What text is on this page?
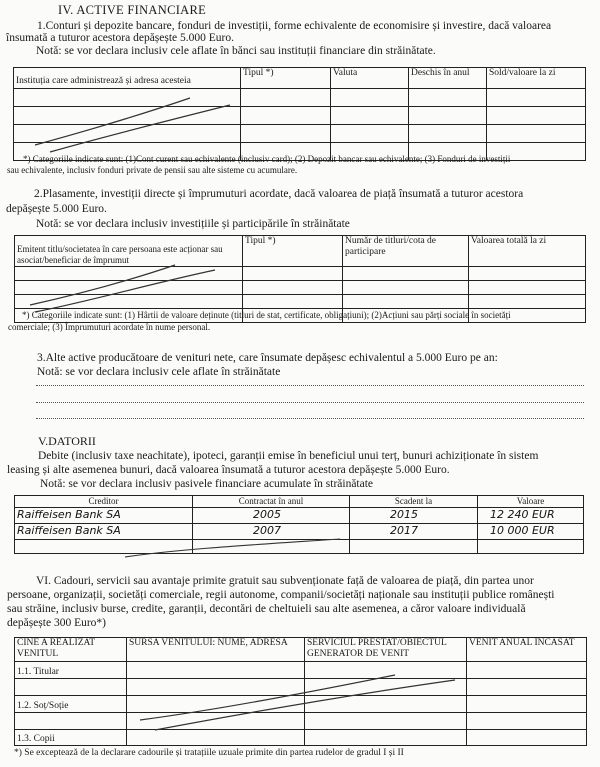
IV. ACTIVE FINANCIARE
1.Conturi și depozite bancare, fonduri de investiții, forme echivalente de economisire și investire, dacă valoarea
însumată a tuturor acestora depășește 5.000 Euro.
Notă: se vor declara inclusiv cele aflate în bănci sau instituții financiare din străinătate.
Instituția care administrează și adresa acesteia	Tipul *)	Valuta	Deschis în anul	Sold/valoare la zi

*) Categoriile indicate sunt: (1)Cont curent sau echivalente (inclusiv card); (2) Depozit bancar sau echivalente; (3) Fonduri de investiții
sau echivalente, inclusiv fonduri private de pensii sau alte sisteme cu acumulare.
2.Plasamente, investiții directe și împrumuturi acordate, dacă valoarea de piață însumată a tuturor acestora
depășește 5.000 Euro.
Notă: se vor declara inclusiv investițiile și participările în străinătate
Emitent titlu/societatea în care persoana este acționar sau asociat/beneficiar de împrumut	Tipul *)	Număr de titluri/cota de participare	Valoarea totală la zi

*) Categoriile indicate sunt: (1) Hârtii de valoare deținute (titluri de stat, certificate, obligațiuni); (2)Acțiuni sau părți sociale în societăți
comerciale; (3) Împrumuturi acordate în nume personal.
3.Alte active producătoare de venituri nete, care însumate depășesc echivalentul a 5.000 Euro pe an:
Notă: se vor declara inclusiv cele aflate în străinătate
V.DATORII
Debite (inclusiv taxe neachitate), ipoteci, garanții emise în beneficiul unui terț, bunuri achiziționate în sistem
leasing și alte asemenea bunuri, dacă valoarea însumată a tuturor acestora depășește 5.000 Euro.
Notă: se vor declara inclusiv pasivele financiare acumulate în străinătate
Creditor	Contractat în anul	Scadent la	Valoare
Raiffeisen Bank SA	2005	2015	12 240 EUR
Raiffeisen Bank SA	2007	2017	10 000 EUR

VI. Cadouri, servicii sau avantaje primite gratuit sau subvenționate față de valoarea de piață, din partea unor
persoane, organizații, societăți comerciale, regii autonome, companii/societăți naționale sau instituții publice românești
sau străine, inclusiv burse, credite, garanții, decontări de cheltuieli sau alte asemenea, a căror valoare individuală
depășește 300 Euro*)
CINE A REALIZAT VENITUL	SURSA VENITULUI: NUME, ADRESA	SERVICIUL PRESTAT/OBIECTUL GENERATOR DE VENIT	VENIT ANUAL ÎNCASAT
1.1. Titular			

1.2. Soț/Soție			

1.3. Copii			
*) Se exceptează de la declarare cadourile și tratațiile uzuale primite din partea rudelor de gradul I și II
